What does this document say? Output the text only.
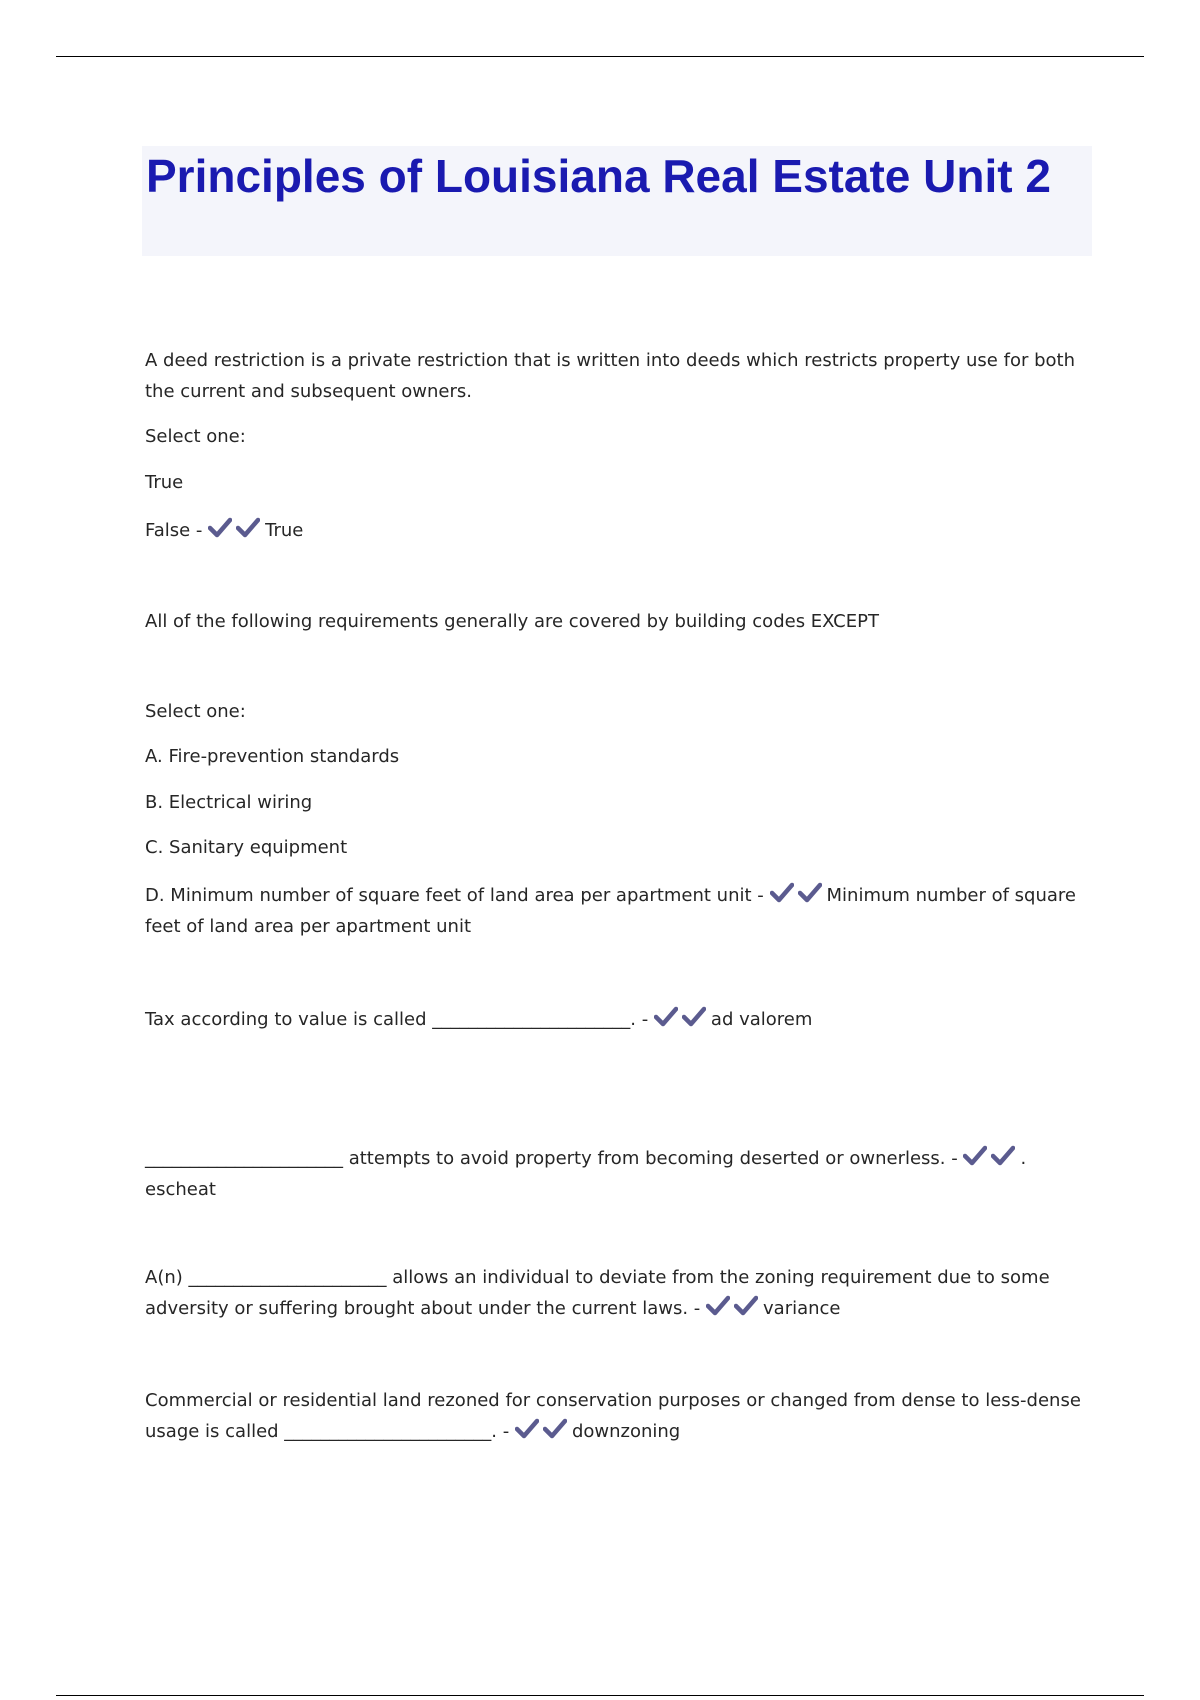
Principles of Louisiana Real Estate Unit 2

A deed restriction is a private restriction that is written into deeds which restricts property use for both the current and subsequent owners.

Select one:

True

False -	True

All of the following requirements generally are covered by building codes EXCEPT

Select one:

A. Fire-prevention standards

B. Electrical wiring

C. Sanitary equipment

D. Minimum number of square feet of land area per apartment unit -	Minimum number of square feet of land area per apartment unit

Tax according to value is called ______________________. -	ad valorem

______________________ attempts to avoid property from becoming deserted or ownerless. -	. escheat

A(n) ______________________ allows an individual to deviate from the zoning requirement due to some adversity or suffering brought about under the current laws. -	variance

Commercial or residential land rezoned for conservation purposes or changed from dense to less-dense usage is called _______________________. -	downzoning
